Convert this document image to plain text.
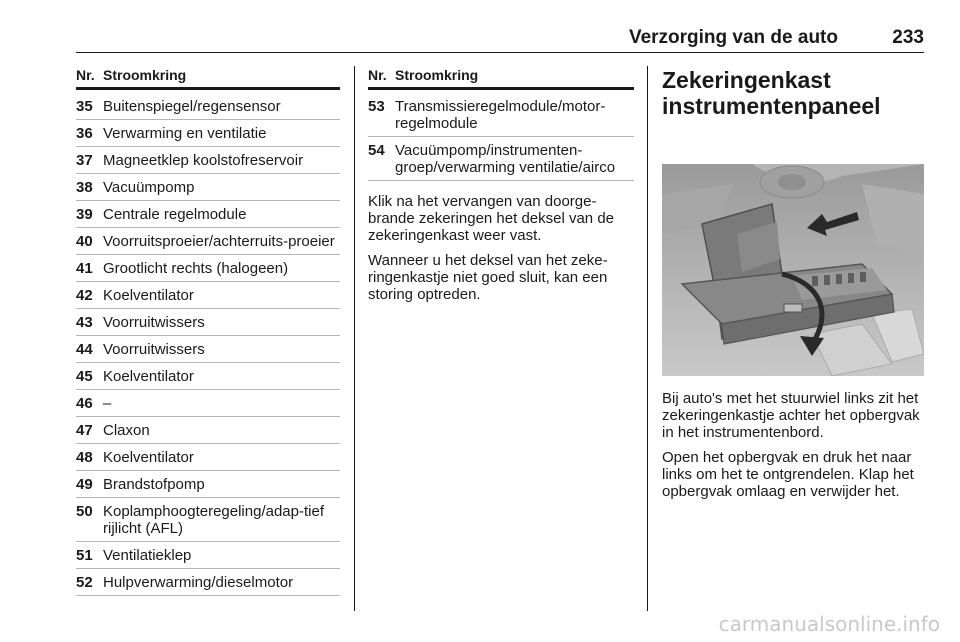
Verzorging van de auto	233
Nr. Stroomkring
35 Buitenspiegel/regensensor
36 Verwarming en ventilatie
37 Magneetklep koolstofreservoir
38 Vacuümpomp
39 Centrale regelmodule
40 Voorruitsproeier/achterruits-proeier
41 Grootlicht rechts (halogeen)
42 Koelventilator
43 Voorruitwissers
44 Voorruitwissers
45 Koelventilator
46 –
47 Claxon
48 Koelventilator
49 Brandstofpomp
50 Koplamphoogteregeling/adap-tief rijlicht (AFL)
51 Ventilatieklep
52 Hulpverwarming/dieselmotor
Nr. Stroomkring
53 Transmissieregelmodule/motor-regelmodule
54 Vacuümpomp/instrumenten-groep/verwarming ventilatie/airco

Klik na het vervangen van doorge-brande zekeringen het deksel van de zekeringenkast weer vast.

Wanneer u het deksel van het zeke-ringenkastje niet goed sluit, kan een storing optreden.

Zekeringenkast instrumentenpaneel

Bij auto's met het stuurwiel links zit het zekeringenkastje achter het opbergvak in het instrumentenbord.

Open het opbergvak en druk het naar links om het te ontgrendelen. Klap het opbergvak omlaag en verwijder het.

carmanualsonline.info
